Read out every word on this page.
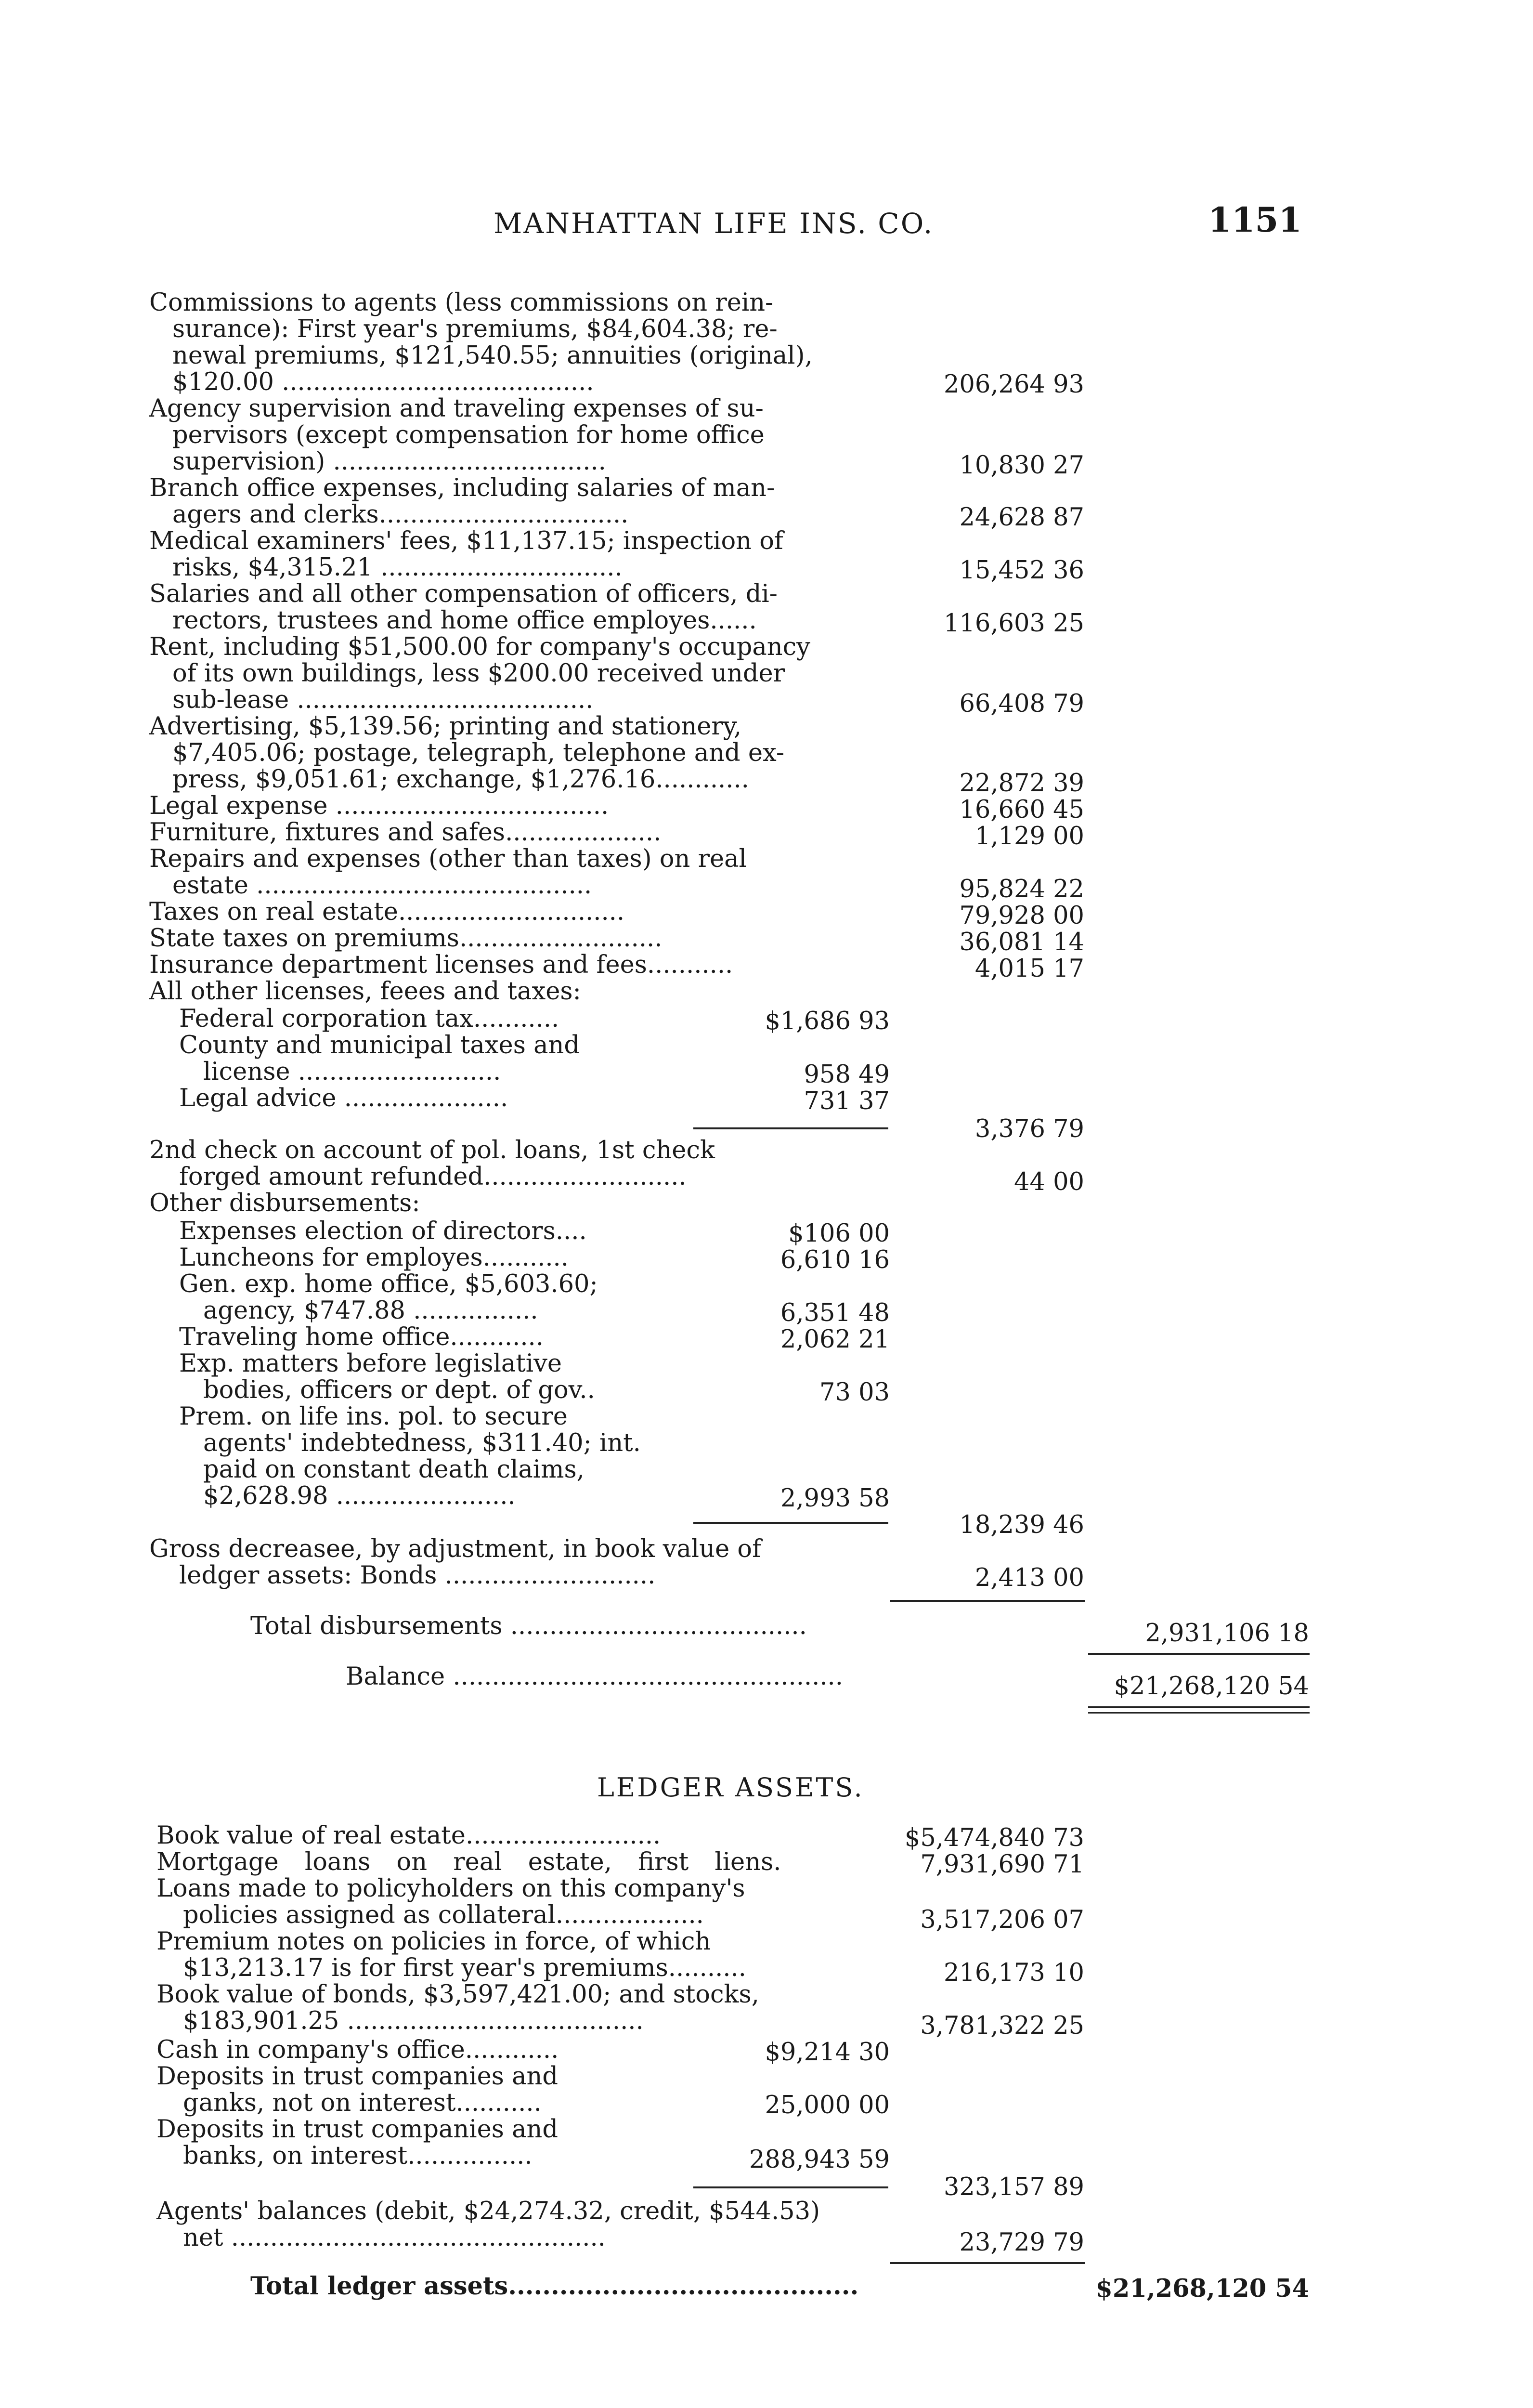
MANHATTAN LIFE INS. CO.	1151
Commissions to agents (less commissions on rein-
surance): First year's premiums, $84,604.38; re-
newal premiums, $121,540.55; annuities (original),
$120.00 ........................................	206,264 93
Agency supervision and traveling expenses of su-
pervisors (except compensation for home office
supervision) ...................................	10,830 27
Branch office expenses, including salaries of man-
agers and clerks................................	24,628 87
Medical examiners' fees, $11,137.15; inspection of
risks, $4,315.21 ...............................	15,452 36
Salaries and all other compensation of officers, di-
rectors, trustees and home office employes......	116,603 25
Rent, including $51,500.00 for company's occupancy
of its own buildings, less $200.00 received under
sub-lease ......................................	66,408 79
Advertising, $5,139.56; printing and stationery,
$7,405.06; postage, telegraph, telephone and ex-
press, $9,051.61; exchange, $1,276.16............	22,872 39
Legal expense ...................................	16,660 45
Furniture, fixtures and safes....................	1,129 00
Repairs and expenses (other than taxes) on real
estate ...........................................	95,824 22
Taxes on real estate.............................	79,928 00
State taxes on premiums..........................	36,081 14
Insurance department licenses and fees...........	4,015 17
All other licenses, feees and taxes:
Federal corporation tax...........	$1,686 93
County and municipal taxes and
license ..........................	958 49
Legal advice .....................	731 37
3,376 79
2nd check on account of pol. loans, 1st check
forged amount refunded..........................	44 00
Other disbursements:
Expenses election of directors....	$106 00
Luncheons for employes...........	6,610 16
Gen. exp. home office, $5,603.60;
agency, $747.88 ................	6,351 48
Traveling home office............	2,062 21
Exp. matters before legislative
bodies, officers or dept. of gov..	73 03
Prem. on life ins. pol. to secure
agents' indebtedness, $311.40; int.
paid on constant death claims,
$2,628.98 .......................	2,993 58
18,239 46
Gross decreasee, by adjustment, in book value of
ledger assets: Bonds ...........................	2,413 00
Total disbursements ......................................	2,931,106 18
Balance ..................................................	$21,268,120 54
LEDGER ASSETS.
Book value of real estate.........................	$5,474,840 73
Mortgage loans on real estate, first liens.	7,931,690 71
Loans made to policyholders on this company's
policies assigned as collateral...................	3,517,206 07
Premium notes on policies in force, of which
$13,213.17 is for first year's premiums..........	216,173 10
Book value of bonds, $3,597,421.00; and stocks,
$183,901.25 ......................................	3,781,322 25
Cash in company's office............	$9,214 30
Deposits in trust companies and
ganks, not on interest...........	25,000 00
Deposits in trust companies and
banks, on interest................	288,943 59
323,157 89
Agents' balances (debit, $24,274.32, credit, $544.53)
net ................................................	23,729 79
Total ledger assets.........................................	$21,268,120 54
